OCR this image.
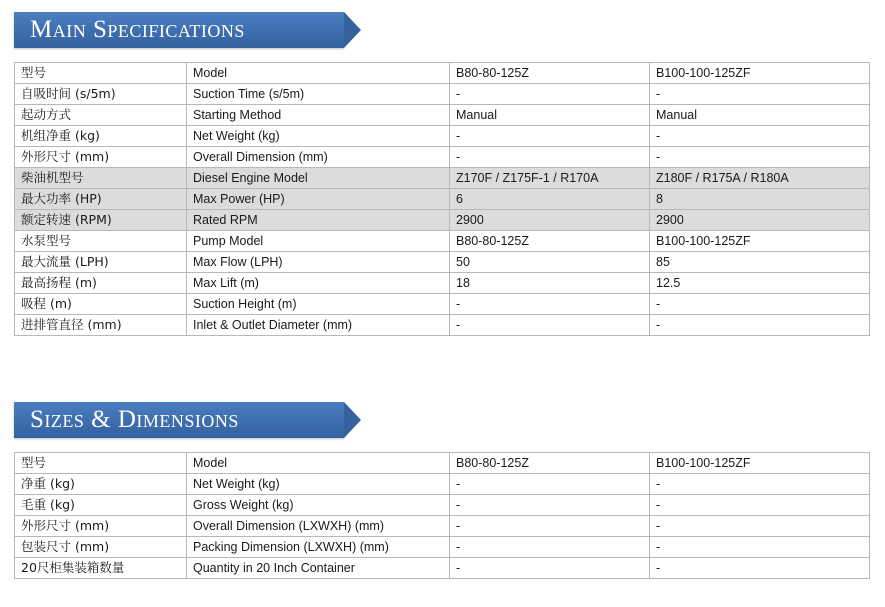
Main Specifications
型号	Model	B80-80-125Z	B100-100-125ZF
自吸时间 (s/5m)	Suction Time (s/5m)	-	-
起动方式	Starting Method	Manual	Manual
机组净重 (kg)	Net Weight (kg)	-	-
外形尺寸 (mm)	Overall Dimension (mm)	-	-
柴油机型号	Diesel Engine Model	Z170F / Z175F-1 / R170A	Z180F / R175A / R180A
最大功率 (HP)	Max Power (HP)	6	8
额定转速 (RPM)	Rated RPM	2900	2900
水泵型号	Pump Model	B80-80-125Z	B100-100-125ZF
最大流量 (LPH)	Max Flow (LPH)	50	85
最高扬程 (m)	Max Lift (m)	18	12.5
吸程 (m)	Suction Height (m)	-	-
进排管直径 (mm)	Inlet & Outlet Diameter (mm)	-	-
Sizes & Dimensions
型号	Model	B80-80-125Z	B100-100-125ZF
净重 (kg)	Net Weight (kg)	-	-
毛重 (kg)	Gross Weight (kg)	-	-
外形尺寸 (mm)	Overall Dimension (LXWXH) (mm)	-	-
包装尺寸 (mm)	Packing Dimension (LXWXH) (mm)	-	-
20尺柜集装箱数量	Quantity in 20 Inch Container	-	-
